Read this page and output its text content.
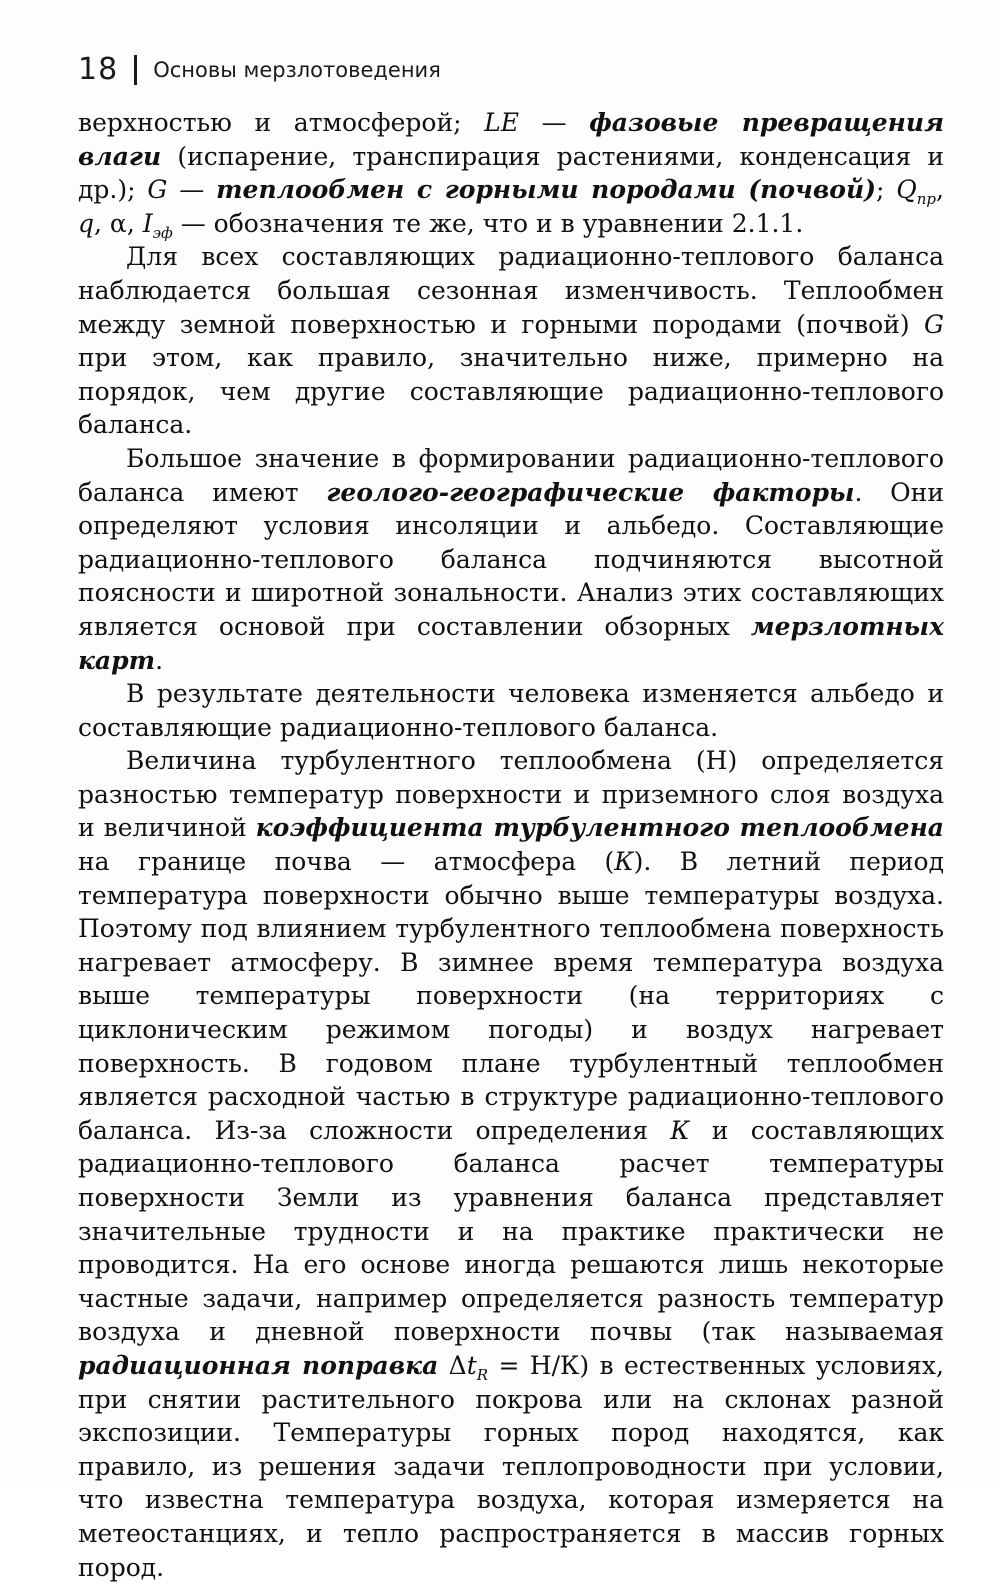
18 Основы мерзлотоведения

верхностью и атмосферой; LE — фазовые превращения влаги (испарение, транспирация растениями, конденсация и др.); G — теплообмен с горными породами (почвой); $Q_{пр}$, q, α, $I_{эф}$ — обозначения те же, что и в уравнении 2.1.1.

Для всех составляющих радиационно-теплового баланса наблюдается большая сезонная изменчивость. Теплообмен между земной поверхностью и горными породами (почвой) G при этом, как правило, значительно ниже, примерно на порядок, чем другие составляющие радиационно-теплового баланса.

Большое значение в формировании радиационно-теплового баланса имеют геолого-географические факторы. Они определяют условия инсоляции и альбедо. Составляющие радиационно-теплового баланса подчиняются высотной поясности и широтной зональности. Анализ этих составляющих является основой при составлении обзорных мерзлотных карт.

В результате деятельности человека изменяется альбедо и составляющие радиационно-теплового баланса.

Величина турбулентного теплообмена (Н) определяется разностью температур поверхности и приземного слоя воздуха и величиной коэффициента турбулентного теплообмена на границе почва — атмосфера (К). В летний период температура поверхности обычно выше температуры воздуха. Поэтому под влиянием турбулентного теплообмена поверхность нагревает атмосферу. В зимнее время температура воздуха выше температуры поверхности (на территориях с циклоническим режимом погоды) и воздух нагревает поверхность. В годовом плане турбулентный теплообмен является расходной частью в структуре радиационно-теплового баланса. Из-за сложности определения К и составляющих радиационно-теплового баланса расчет температуры поверхности Земли из уравнения баланса представляет значительные трудности и на практике практически не проводится. На его основе иногда решаются лишь некоторые частные задачи, например определяется разность температур воздуха и дневной поверхности почвы (так называемая радиационная поправка $\Delta t_R = Н/К$) в естественных условиях, при снятии растительного покрова или на склонах разной экспозиции. Температуры горных пород находятся, как правило, из решения задачи теплопроводности при условии, что известна температура воздуха, которая измеряется на метеостанциях, и тепло распространяется в массив горных пород.
